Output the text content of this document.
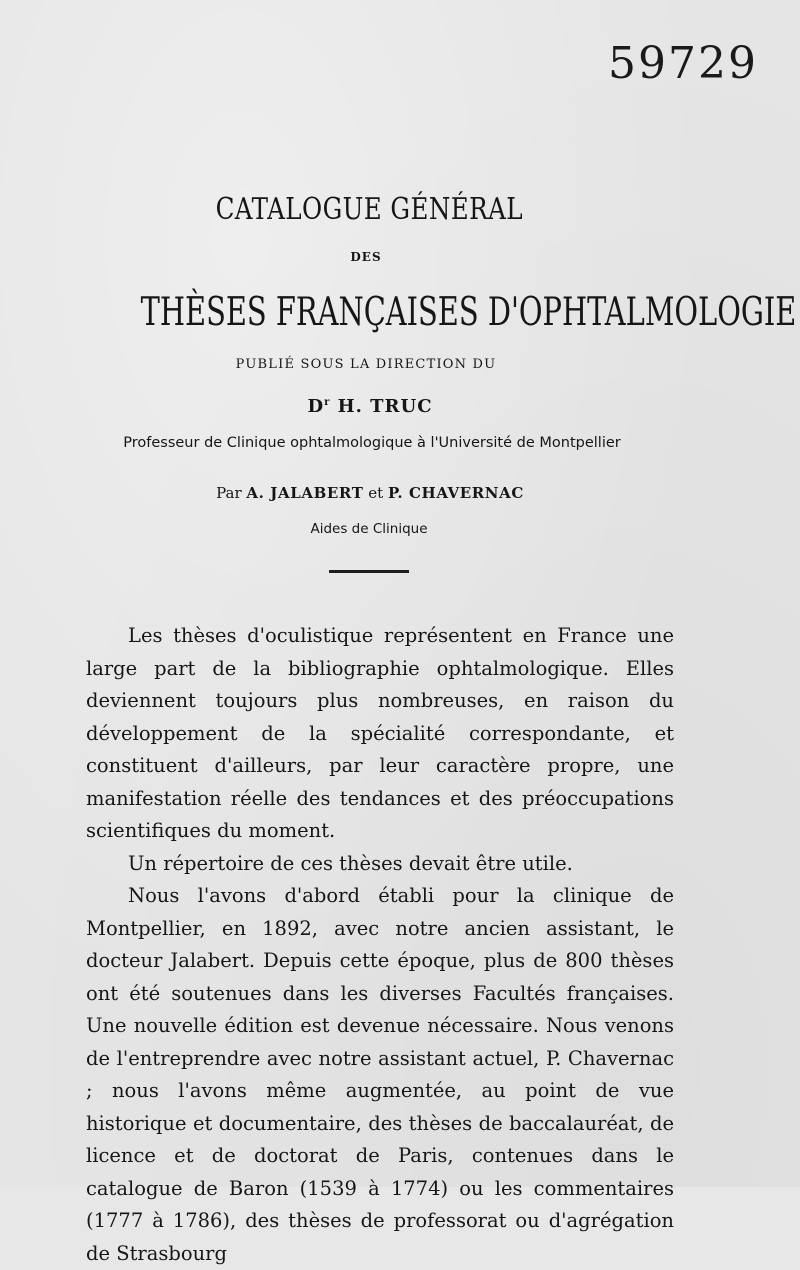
59729
CATALOGUE GÉNÉRAL
DES
THÈSES FRANÇAISES D'OPHTALMOLOGIE
PUBLIÉ SOUS LA DIRECTION DU
$D^r$ H. TRUC
Professeur de Clinique ophtalmologique à l'Université de Montpellier
Par A. JALABERT et P. CHAVERNAC
Aides de Clinique

Les thèses d'oculistique représentent en France une large part de la bibliographie ophtalmologique. Elles deviennent toujours plus nombreuses, en raison du développement de la spécialité correspondante, et constituent d'ailleurs, par leur caractère propre, une manifestation réelle des tendances et des préoccupations scientifiques du moment.

Un répertoire de ces thèses devait être utile.

Nous l'avons d'abord établi pour la clinique de Montpellier, en 1892, avec notre ancien assistant, le docteur Jalabert. Depuis cette époque, plus de 800 thèses ont été soutenues dans les diverses Facultés françaises. Une nouvelle édition est devenue nécessaire. Nous venons de l'entreprendre avec notre assistant actuel, P. Chavernac ; nous l'avons même augmentée, au point de vue historique et documentaire, des thèses de baccalauréat, de licence et de doctorat de Paris, contenues dans le catalogue de Baron (1539 à 1774) ou les commentaires (1777 à 1786), des thèses de professorat ou d'agrégation de Strasbourg
